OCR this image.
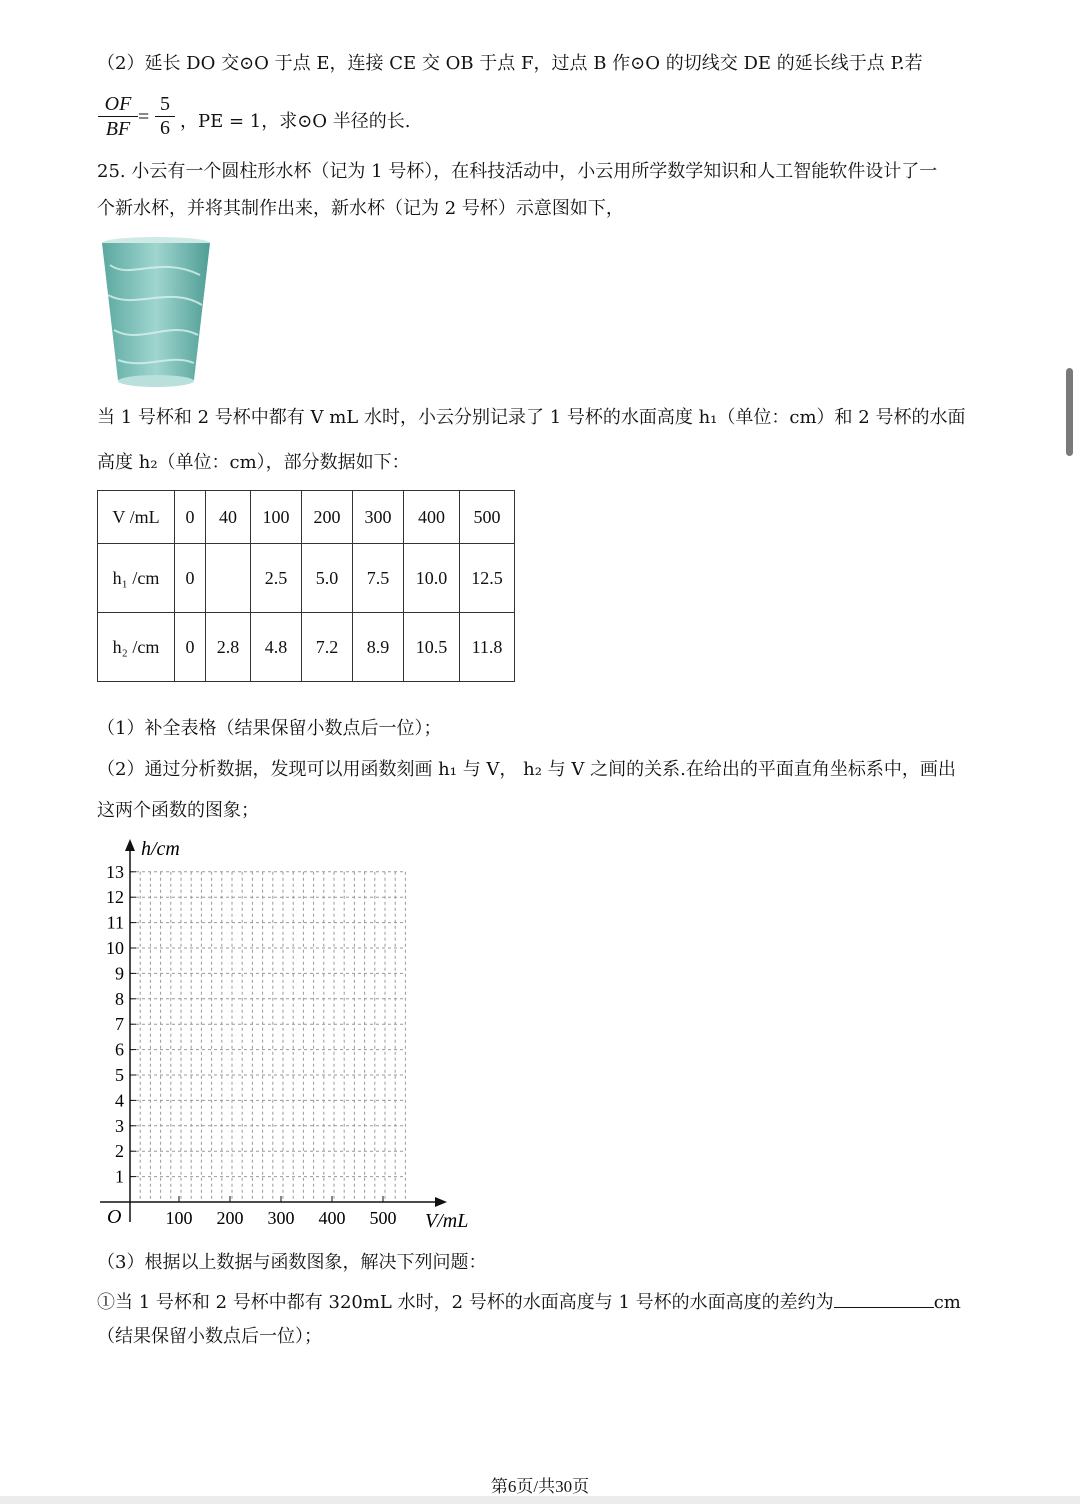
（2）延长 DO 交⊙O 于点 E，连接 CE 交 OB 于点 F，过点 B 作⊙O 的切线交 DE 的延长线于点 P.若
$\frac{OF}{BF} = \frac{5}{6}$ ，PE = 1，求⊙O 半径的长.
25. 小云有一个圆柱形水杯（记为 1 号杯），在科技活动中，小云用所学数学知识和人工智能软件设计了一
个新水杯，并将其制作出来，新水杯（记为 2 号杯）示意图如下，
当 1 号杯和 2 号杯中都有 V mL 水时，小云分别记录了 1 号杯的水面高度 h₁（单位：cm）和 2 号杯的水面
高度 h₂（单位：cm），部分数据如下：
V /mL	0	40	100	200	300	400	500
h₁ /cm	0		2.5	5.0	7.5	10.0	12.5
h₂ /cm	0	2.8	4.8	7.2	8.9	10.5	11.8
（1）补全表格（结果保留小数点后一位）；
（2）通过分析数据，发现可以用函数刻画 h₁ 与 V， h₂ 与 V 之间的关系.在给出的平面直角坐标系中，画出
这两个函数的图象；
1
2
3
4
5
6
7
8
9
10
11
12
13
100 200 300 400 500
h/cm
V/mL
O
（3）根据以上数据与函数图象，解决下列问题：
①当 1 号杯和 2 号杯中都有 320mL 水时，2 号杯的水面高度与 1 号杯的水面高度的差约为	cm
（结果保留小数点后一位）；
第6页/共30页
